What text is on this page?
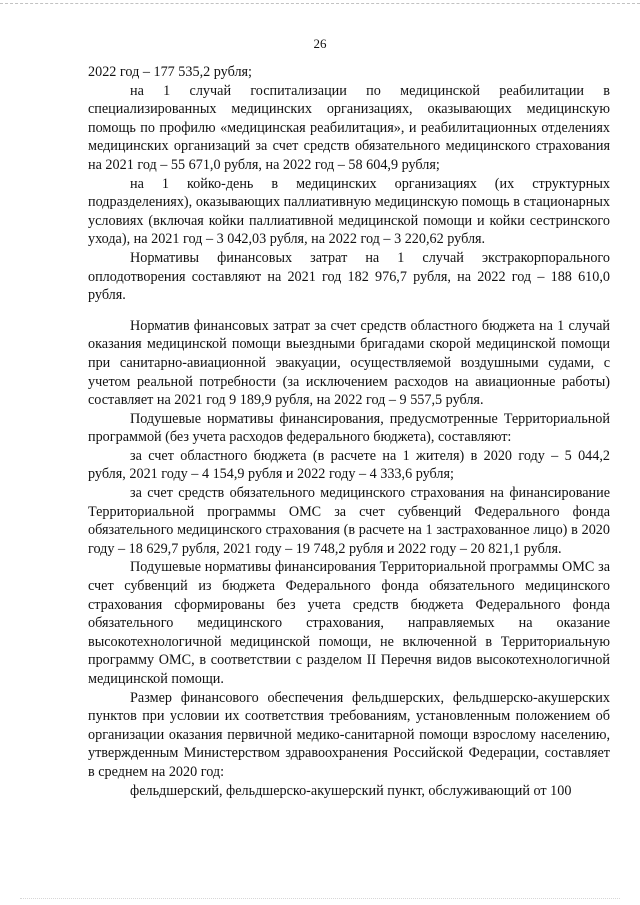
26

2022 год – 177 535,2 рубля;

на 1 случай госпитализации по медицинской реабилитации в специализированных медицинских организациях, оказывающих медицинскую помощь по профилю «медицинская реабилитация», и реабилитационных отделениях медицинских организаций за счет средств обязательного медицинского страхования на 2021 год – 55 671,0 рубля, на 2022 год – 58 604,9 рубля;

на 1 койко-день в медицинских организациях (их структурных подразделениях), оказывающих паллиативную медицинскую помощь в стационарных условиях (включая койки паллиативной медицинской помощи и койки сестринского ухода), на 2021 год – 3 042,03 рубля, на 2022 год – 3 220,62 рубля.

Нормативы финансовых затрат на 1 случай экстракорпорального оплодотворения составляют на 2021 год 182 976,7 рубля, на 2022 год – 188 610,0 рубля.

Норматив финансовых затрат за счет средств областного бюджета на 1 случай оказания медицинской помощи выездными бригадами скорой медицинской помощи при санитарно-авиационной эвакуации, осуществляемой воздушными судами, с учетом реальной потребности (за исключением расходов на авиационные работы) составляет на 2021 год 9 189,9 рубля, на 2022 год – 9 557,5 рубля.

Подушевые нормативы финансирования, предусмотренные Территориальной программой (без учета расходов федерального бюджета), составляют:

за счет областного бюджета (в расчете на 1 жителя) в 2020 году – 5 044,2 рубля, 2021 году – 4 154,9 рубля и 2022 году – 4 333,6 рубля;

за счет средств обязательного медицинского страхования на финансирование Территориальной программы ОМС за счет субвенций Федерального фонда обязательного медицинского страхования (в расчете на 1 застрахованное лицо) в 2020 году – 18 629,7 рубля, 2021 году – 19 748,2 рубля и 2022 году – 20 821,1 рубля.

Подушевые нормативы финансирования Территориальной программы ОМС за счет субвенций из бюджета Федерального фонда обязательного медицинского страхования сформированы без учета средств бюджета Федерального фонда обязательного медицинского страхования, направляемых на оказание высокотехнологичной медицинской помощи, не включенной в Территориальную программу ОМС, в соответствии с разделом II Перечня видов высокотехнологичной медицинской помощи.

Размер финансового обеспечения фельдшерских, фельдшерско-акушерских пунктов при условии их соответствия требованиям, установленным положением об организации оказания первичной медико-санитарной помощи взрослому населению, утвержденным Министерством здравоохранения Российской Федерации, составляет в среднем на 2020 год:

фельдшерский, фельдшерско-акушерский пункт, обслуживающий от 100
